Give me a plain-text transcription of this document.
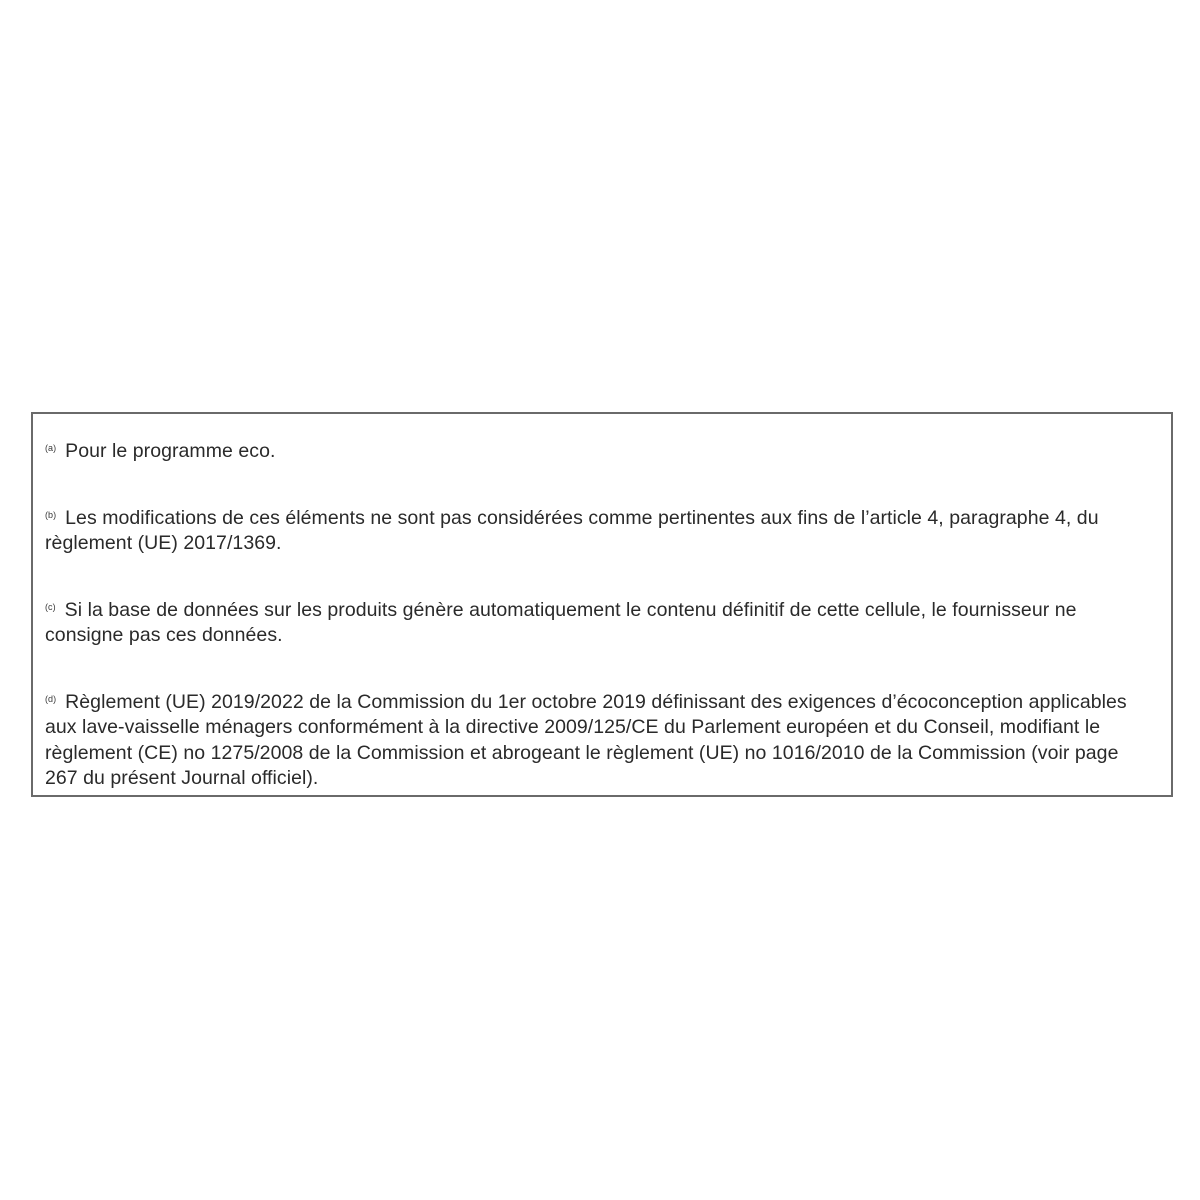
$^{(a)}$ Pour le programme eco.

$^{(b)}$ Les modifications de ces éléments ne sont pas considérées comme pertinentes aux fins de l’article 4, paragraphe 4, du règlement (UE) 2017/1369.

$^{(c)}$ Si la base de données sur les produits génère automatiquement le contenu définitif de cette cellule, le fournisseur ne consigne pas ces données.

$^{(d)}$ Règlement (UE) 2019/2022 de la Commission du 1er octobre 2019 définissant des exigences d’écoconception applicables aux lave-vaisselle ménagers conformément à la directive 2009/125/CE du Parlement européen et du Conseil, modifiant le règlement (CE) no 1275/2008 de la Commission et abrogeant le règlement (UE) no 1016/2010 de la Commission (voir page 267 du présent Journal officiel).
